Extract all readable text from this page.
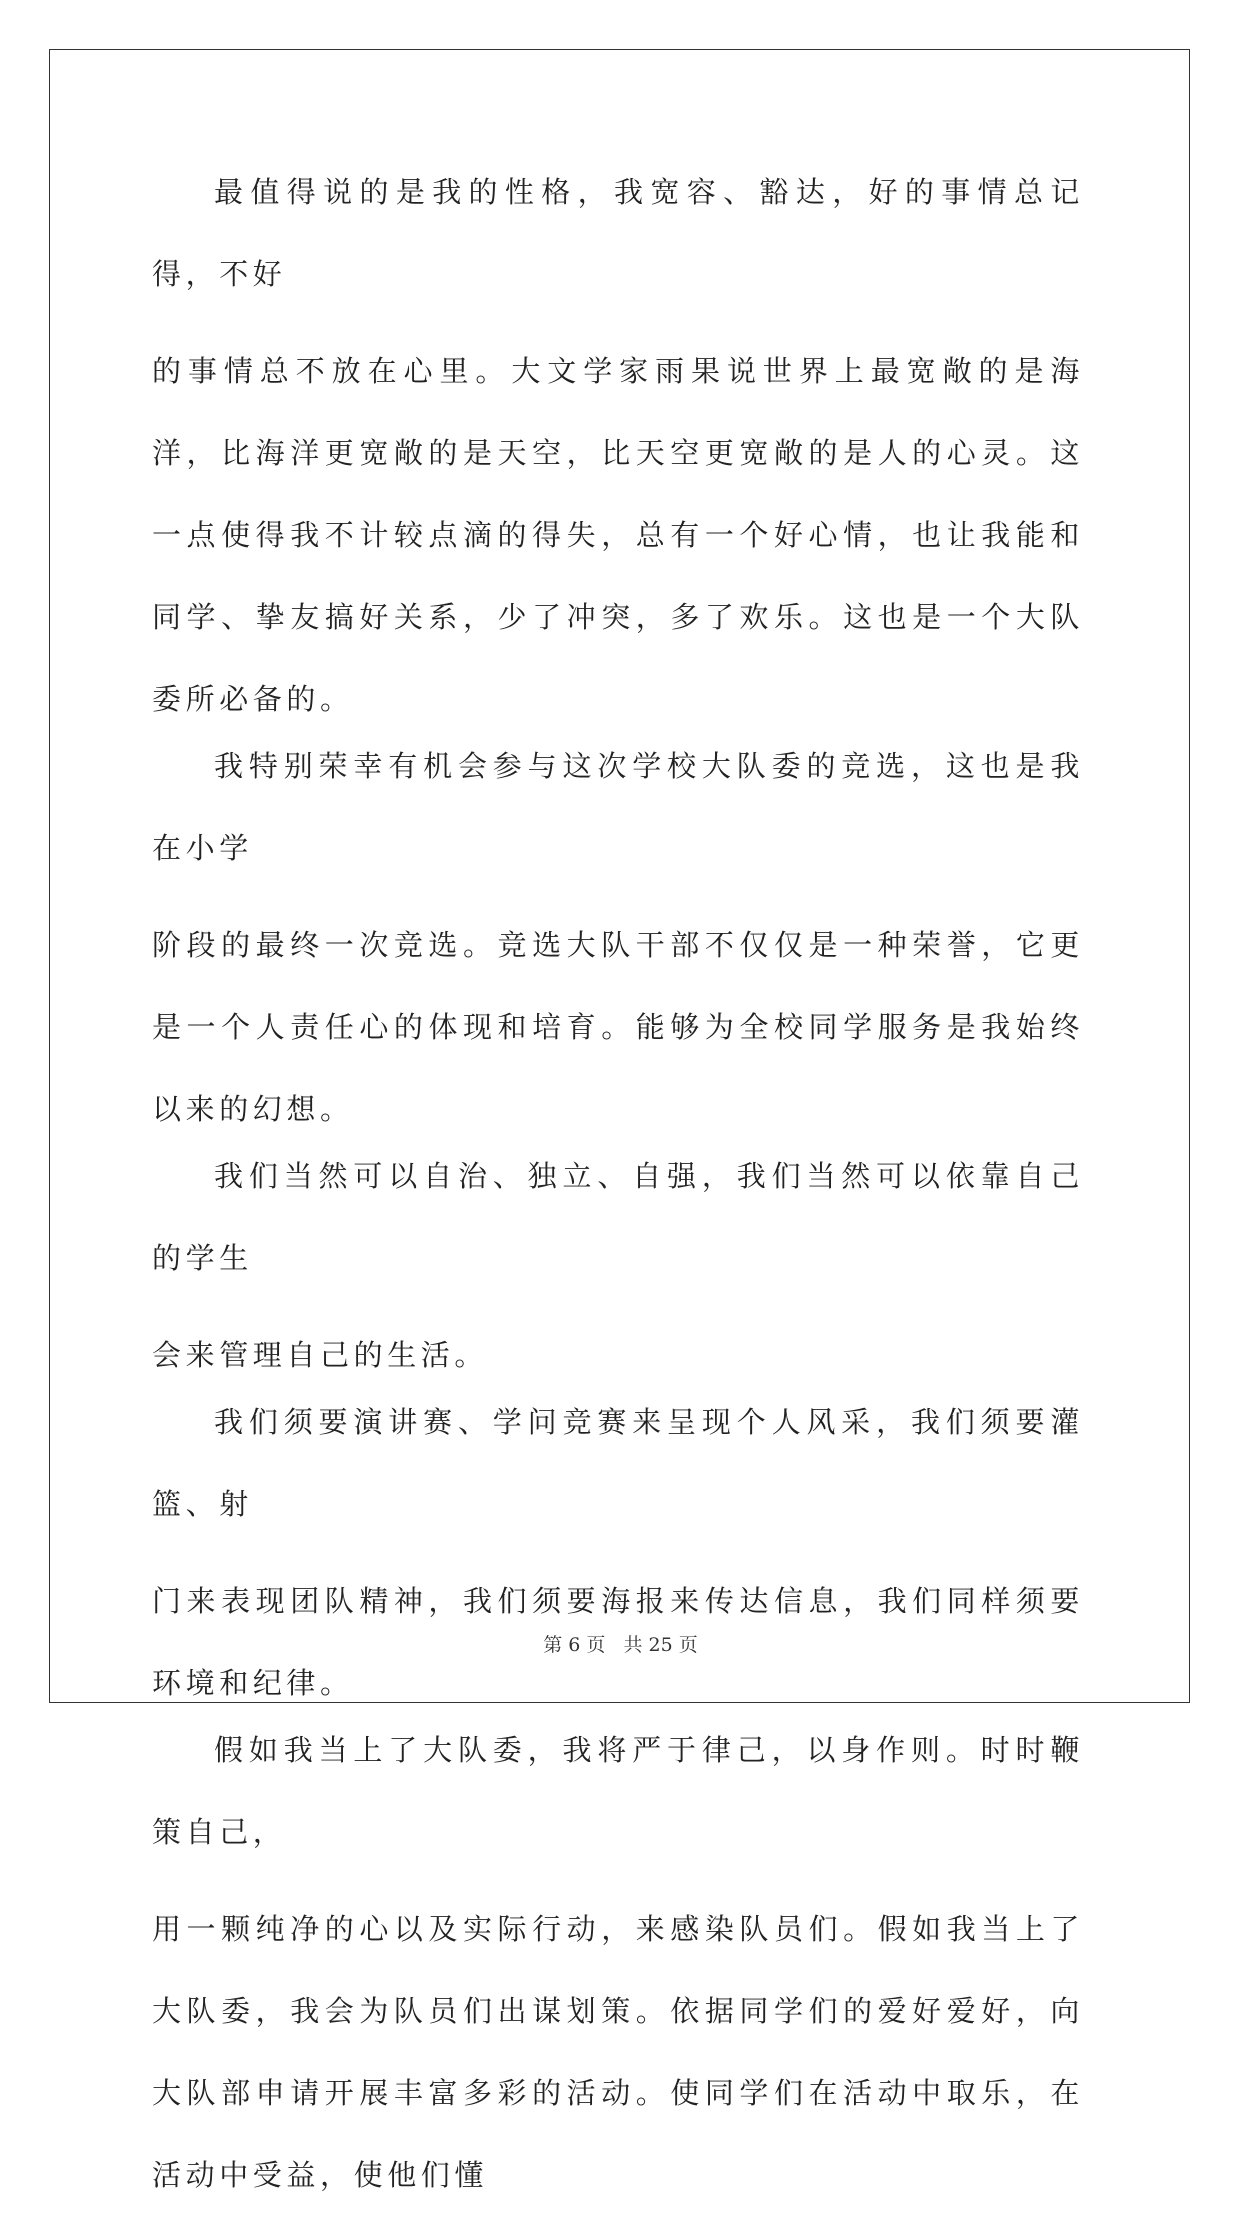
最值得说的是我的性格，我宽容、豁达，好的事情总记得，不好
的事情总不放在心里。大文学家雨果说世界上最宽敞的是海洋，比海洋更宽敞的是天空，比天空更宽敞的是人的心灵。这一点使得我不计较点滴的得失，总有一个好心情，也让我能和同学、挚友搞好关系，少了冲突，多了欢乐。这也是一个大队委所必备的。

我特别荣幸有机会参与这次学校大队委的竞选，这也是我在小学
阶段的最终一次竞选。竞选大队干部不仅仅是一种荣誉，它更是一个人责任心的体现和培育。能够为全校同学服务是我始终以来的幻想。

我们当然可以自治、独立、自强，我们当然可以依靠自己的学生
会来管理自己的生活。

我们须要演讲赛、学问竞赛来呈现个人风采，我们须要灌篮、射
门来表现团队精神，我们须要海报来传达信息，我们同样须要环境和纪律。

假如我当上了大队委，我将严于律己，以身作则。时时鞭策自己，
用一颗纯净的心以及实际行动，来感染队员们。假如我当上了大队委，我会为队员们出谋划策。依据同学们的爱好爱好，向大队部申请开展丰富多彩的活动。使同学们在活动中取乐，在活动中受益，使他们懂

第 6 页 共 25 页
